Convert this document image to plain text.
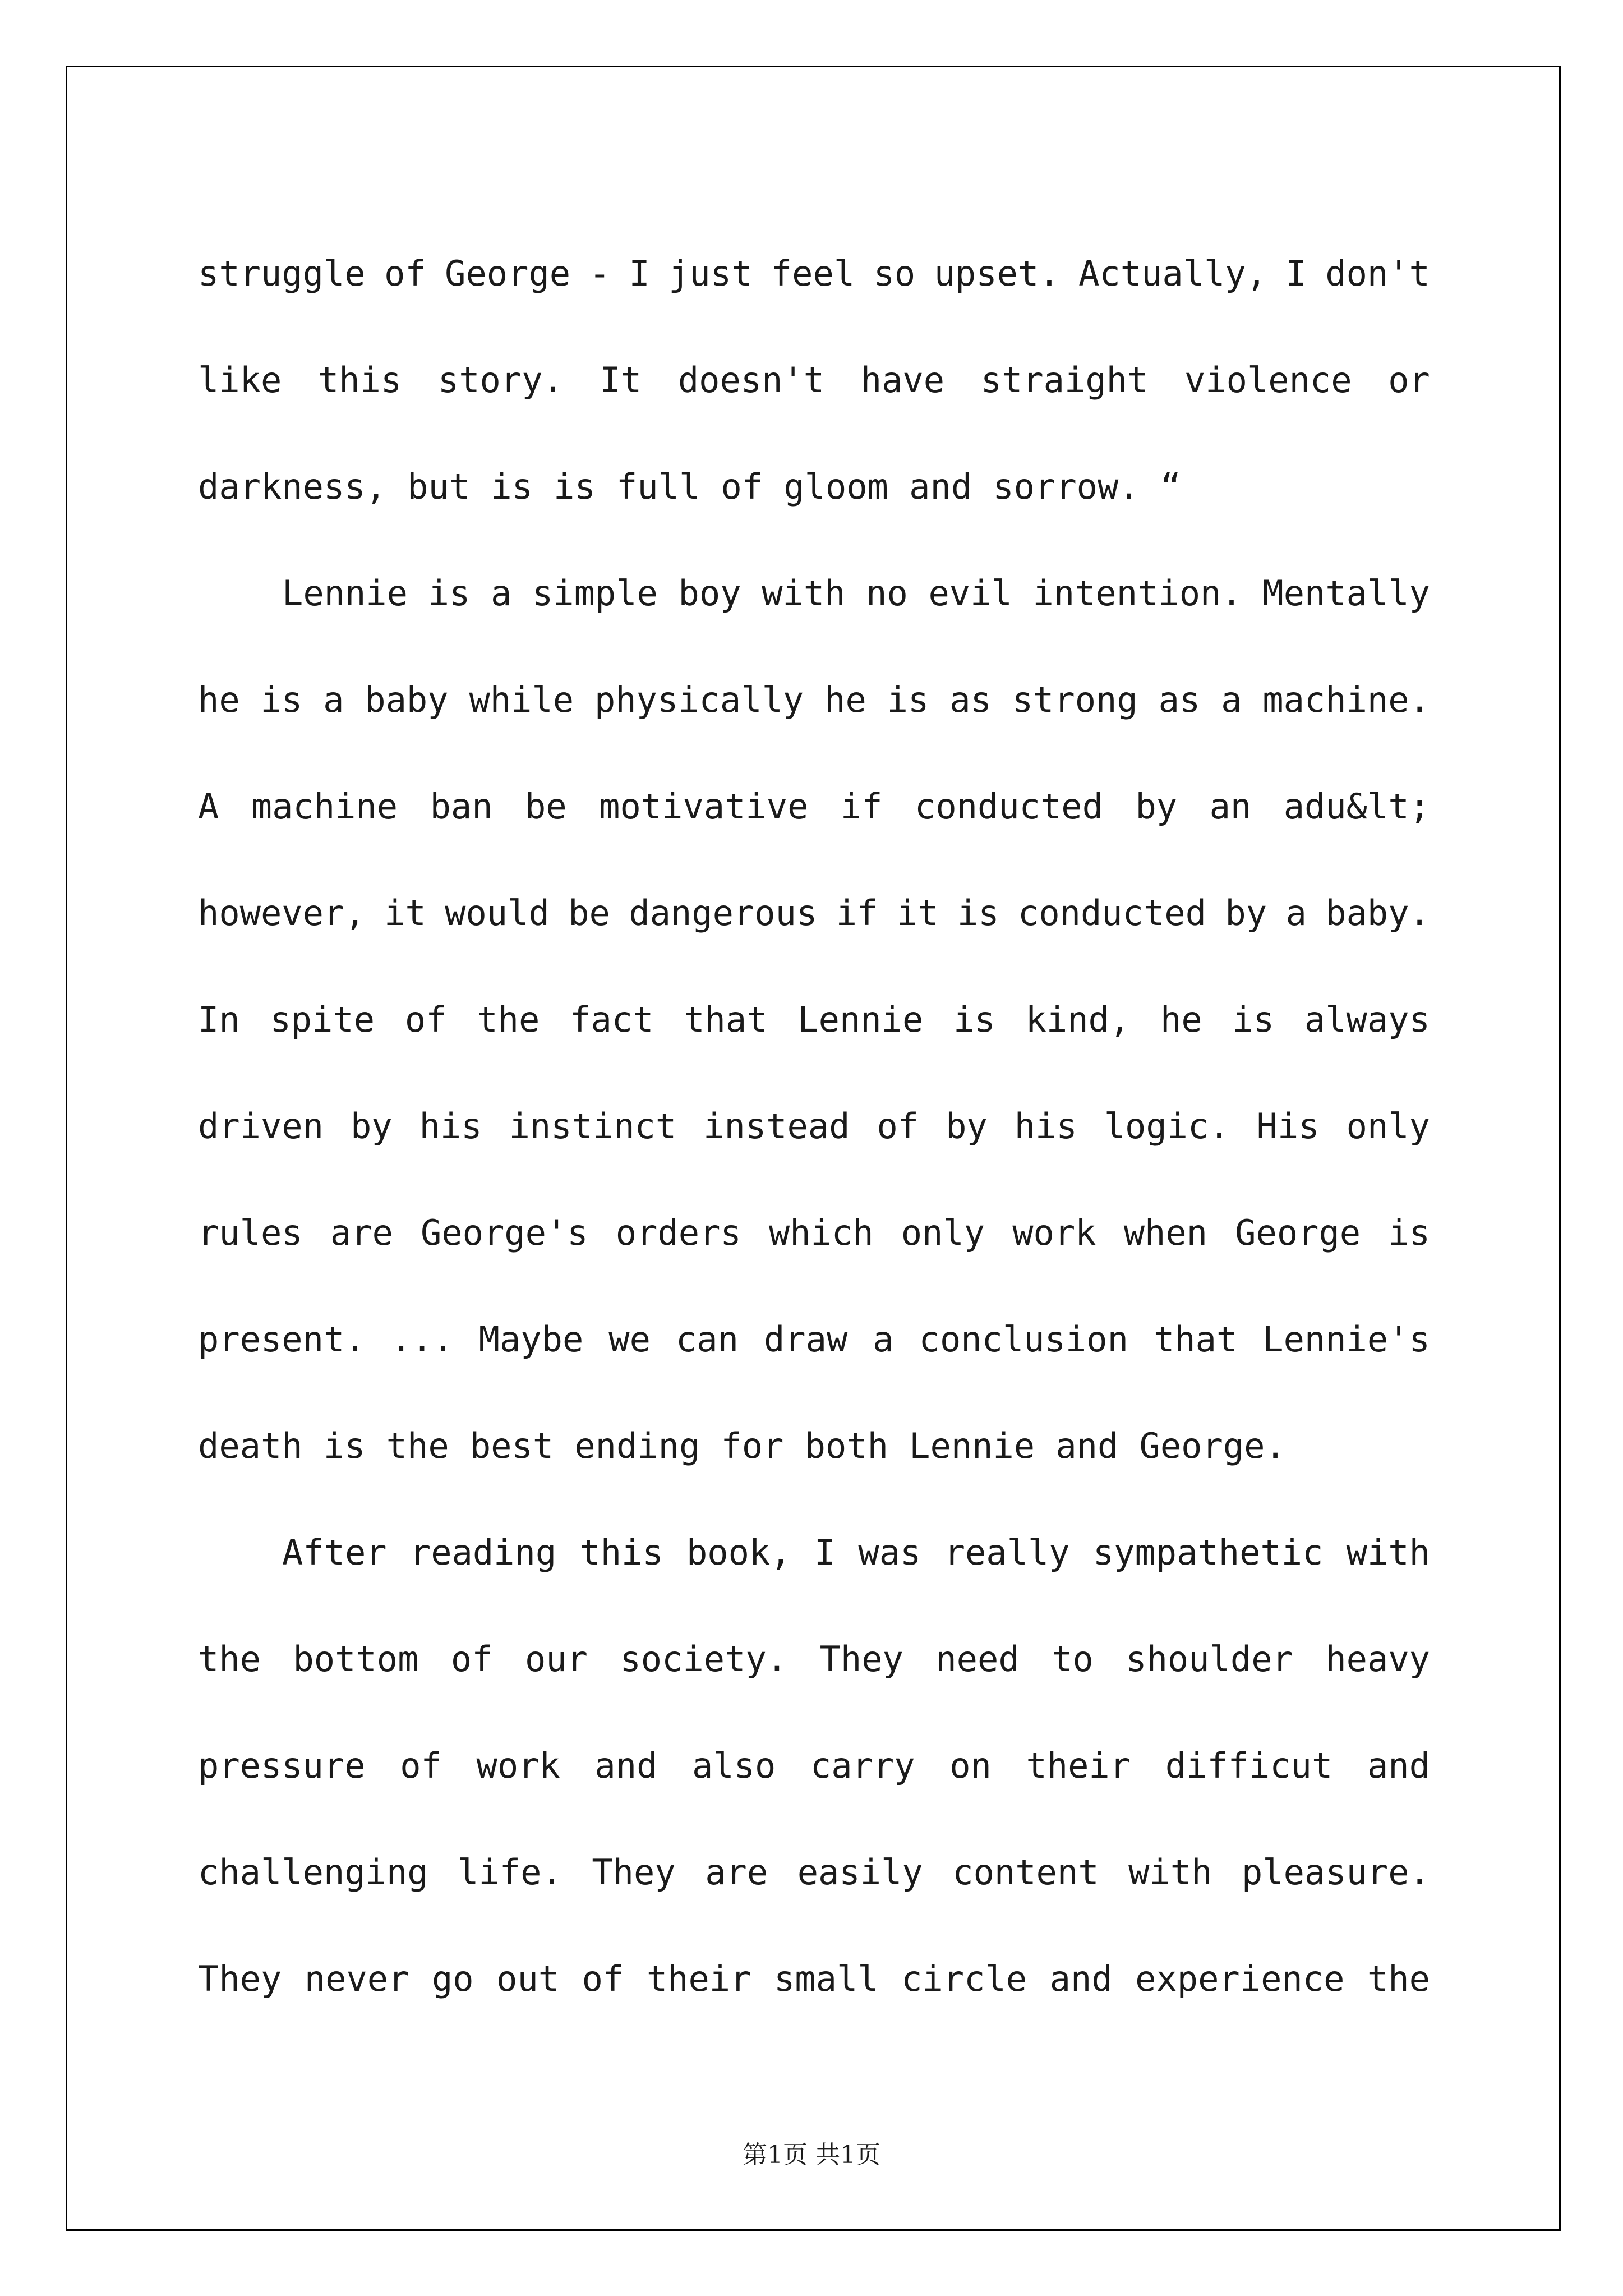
struggle of George - I just feel so upset. Actually, I don't
like this story. It doesn't have straight violence or
darkness, but is is full of gloom and sorrow. “
Lennie is a simple boy with no evil intention. Mentally
he is a baby while physically he is as strong as a machine.
A machine ban be motivative if conducted by an adu&lt;
however, it would be dangerous if it is conducted by a baby.
In spite of the fact that Lennie is kind, he is always
driven by his instinct instead of by his logic. His only
rules are George's orders which only work when George is
present. ... Maybe we can draw a conclusion that Lennie's
death is the best ending for both Lennie and George.
After reading this book, I was really sympathetic with
the bottom of our society. They need to shoulder heavy
pressure of work and also carry on their difficut and
challenging life. They are easily content with pleasure.
They never go out of their small circle and experience the
第1页 共1页
